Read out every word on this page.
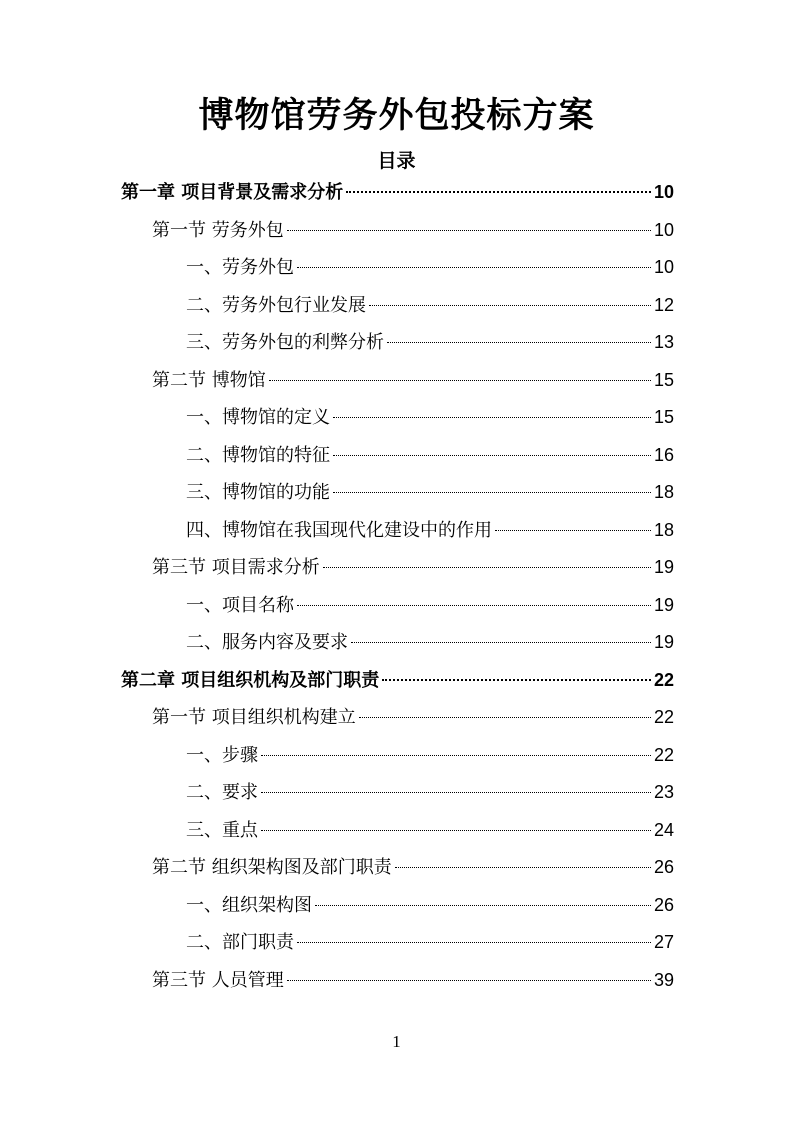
博物馆劳务外包投标方案
目录
第一章 项目背景及需求分析	10
第一节 劳务外包	10
一、劳务外包	10
二、劳务外包行业发展	12
三、劳务外包的利弊分析	13
第二节 博物馆	15
一、博物馆的定义	15
二、博物馆的特征	16
三、博物馆的功能	18
四、博物馆在我国现代化建设中的作用	18
第三节 项目需求分析	19
一、项目名称	19
二、服务内容及要求	19
第二章 项目组织机构及部门职责	22
第一节 项目组织机构建立	22
一、步骤	22
二、要求	23
三、重点	24
第二节 组织架构图及部门职责	26
一、组织架构图	26
二、部门职责	27
第三节 人员管理	39
1
